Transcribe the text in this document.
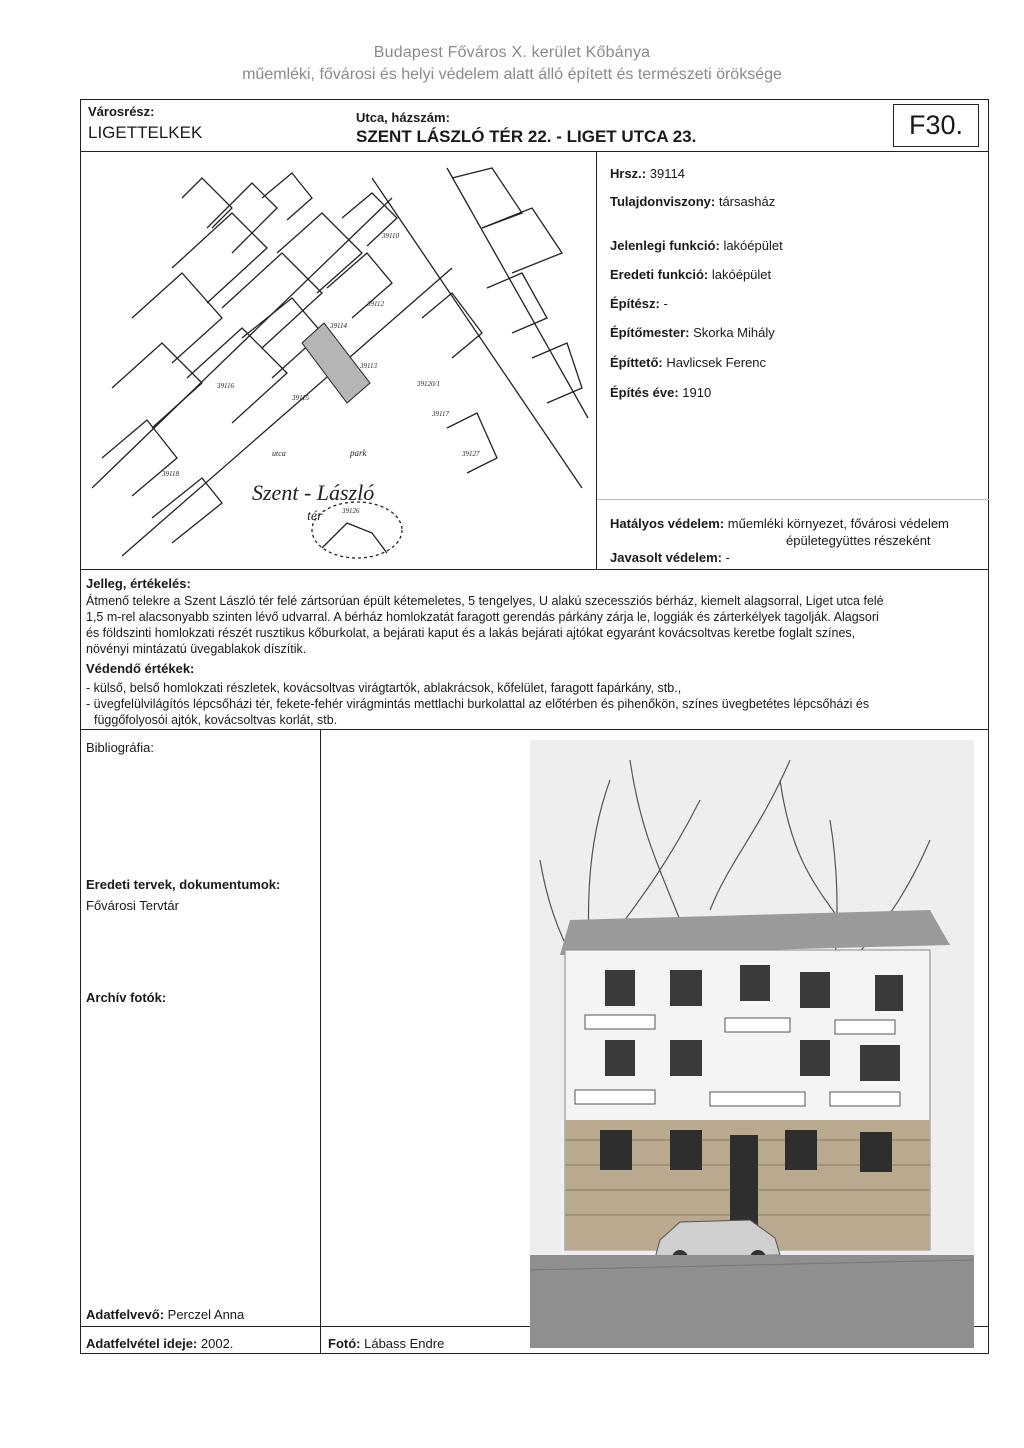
Budapest Főváros X. kerület Kőbánya
műemléki, fővárosi és helyi védelem alatt álló épített és természeti öröksége
Városrész:
LIGETTELKEK
Utca, házszám:
SZENT LÁSZLÓ TÉR 22. - LIGET UTCA 23.	F30.
Szent - László
tér
park
utca
39114
39113
39115
39112
39110
39116
39117
39120/1
39127
39126
39118
Hrsz.: 39114
Tulajdonviszony: társasház
Jelenlegi funkció: lakóépület
Eredeti funkció: lakóépület
Építész: -
Építőmester: Skorka Mihály
Építtető: Havlicsek Ferenc
Építés éve: 1910
Hatályos védelem: műemléki környezet, fővárosi védelem
épületegyüttes részeként
Javasolt védelem: -
Jelleg, értékelés:
Átmenő telekre a Szent László tér felé zártsorúan épült kétemeletes, 5 tengelyes, U alakú szecessziós bérház, kiemelt alagsorral, Liget utca felé
1,5 m-rel alacsonyabb szinten lévő udvarral. A bérház homlokzatát faragott gerendás párkány zárja le, loggiák és zárterkélyek tagolják. Alagsori
és földszinti homlokzati részét rusztikus kőburkolat, a bejárati kaput és a lakás bejárati ajtókat egyaránt kovácsoltvas keretbe foglalt színes,
növényi mintázatú üvegablakok díszítik.
Védendő értékek:
- külső, belső homlokzati részletek, kovácsoltvas virágtartók, ablakrácsok, kőfelület, faragott fapárkány, stb.,
- üvegfelülvilágítós lépcsőházi tér, fekete-fehér virágmintás mettlachi burkolattal az előtérben és pihenőkön, színes üvegbetétes lépcsőházi és
függőfolyosói ajtók, kovácsoltvas korlát, stb.
Bibliográfia:
Eredeti tervek, dokumentumok:
Fővárosi Tervtár
Archív fotók:
Adatfelvevő: Perczel Anna
Adatfelvétel ideje: 2002.	Fotó: Lábass Endre
